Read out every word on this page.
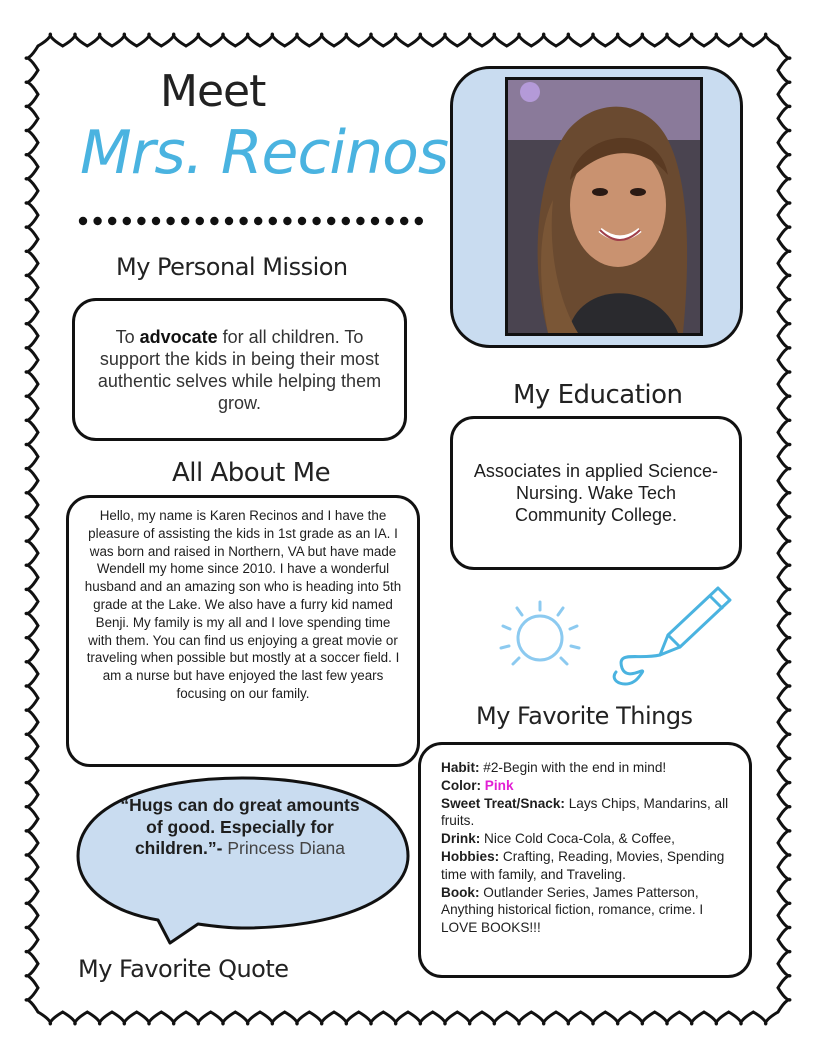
Meet
Mrs. Recinos
My Personal Mission
To advocate for all children. To support the kids in being their most authentic selves while helping them grow.
All About Me
Hello, my name is Karen Recinos and I have the pleasure of assisting the kids in 1st grade as an IA. I was born and raised in Northern, VA but have made Wendell my home since 2010. I have a wonderful husband and an amazing son who is heading into 5th grade at the Lake. We also have a furry kid named Benji. My family is my all and I love spending time with them. You can find us enjoying a great movie or traveling when possible but mostly at a soccer field. I am a nurse but have enjoyed the last few years focusing on our family.
“Hugs can do great amounts of good. Especially for children.”- Princess Diana
My Favorite Quote
My Education
Associates in applied Science- Nursing. Wake Tech Community College.
My Favorite Things
Habit: #2-Begin with the end in mind!
Color: Pink
Sweet Treat/Snack: Lays Chips, Mandarins, all fruits.
Drink: Nice Cold Coca-Cola, & Coffee,
Hobbies: Crafting, Reading, Movies, Spending time with family, and Traveling.
Book: Outlander Series, James Patterson, Anything historical fiction, romance, crime. I LOVE BOOKS!!!
